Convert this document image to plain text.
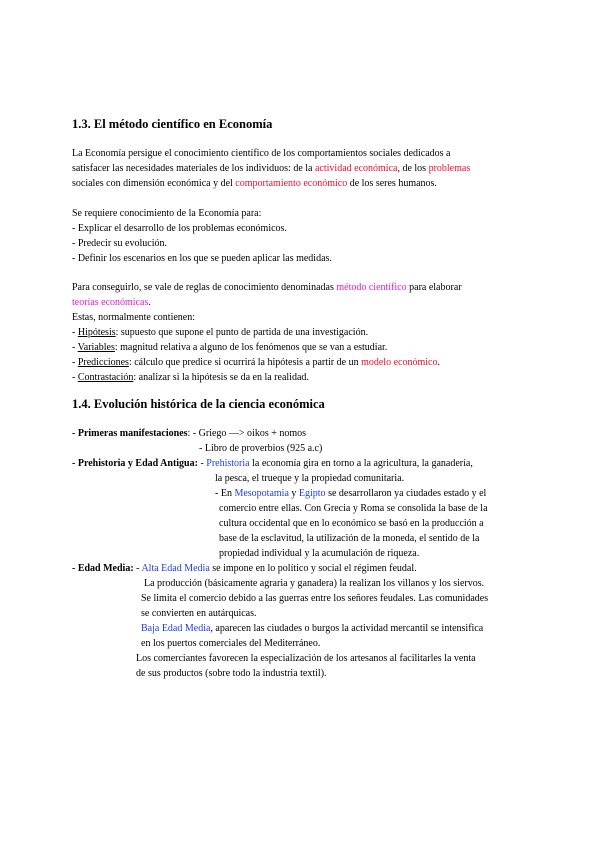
1.3. El método científico en Economía
La Economía persigue el conocimiento científico de los comportamientos sociales dedicados a
satisfacer las necesidades materiales de los individuos: de la actividad económica, de los problemas
sociales con dimensión económica y del comportamiento económico de los seres humanos.
Se requiere conocimiento de la Economía para:
- Explicar el desarrollo de los problemas económicos.
- Predecir su evolución.
- Definir los escenarios en los que se pueden aplicar las medidas.
Para conseguirlo, se vale de reglas de conocimiento denominadas método científico para elaborar
teorías económicas.
Estas, normalmente contienen:
- Hipótesis: supuesto que supone el punto de partida de una investigación.
- Variables: magnitud relativa a alguno de los fenómenos que se van a estudiar.
- Predicciones: cálculo que predice si ocurrirá la hipótesis a partir de un modelo económico.
- Contrastación: analizar si la hipótesis se da en la realidad.
1.4. Evolución histórica de la ciencia económica
- Primeras manifestaciones: - Griego —> oikos + nomos
- Libro de proverbios (925 a.c)
- Prehistoria y Edad Antigua: - Prehistoria la economía gira en torno a la agricultura, la ganadería,
la pesca, el trueque y la propiedad comunitaria.
- En Mesopotamia y Egipto se desarrollaron ya ciudades estado y el
comercio entre ellas. Con Grecia y Roma se consolida la base de la
cultura occidental que en lo económico se basó en la producción a
base de la esclavitud, la utilización de la moneda, el sentido de la
propiedad individual y la acumulación de riqueza.
- Edad Media: - Alta Edad Media se impone en lo político y social el régimen feudal.
La producción (básicamente agraria y ganadera) la realizan los villanos y los siervos.
Se limita el comercio debido a las guerras entre los señores feudales. Las comunidades
se convierten en autárquicas.
Baja Edad Media, aparecen las ciudades o burgos la actividad mercantil se intensifica
en los puertos comerciales del Mediterráneo.
Los comerciantes favorecen la especialización de los artesanos al facilitarles la venta
de sus productos (sobre todo la industria textil).
